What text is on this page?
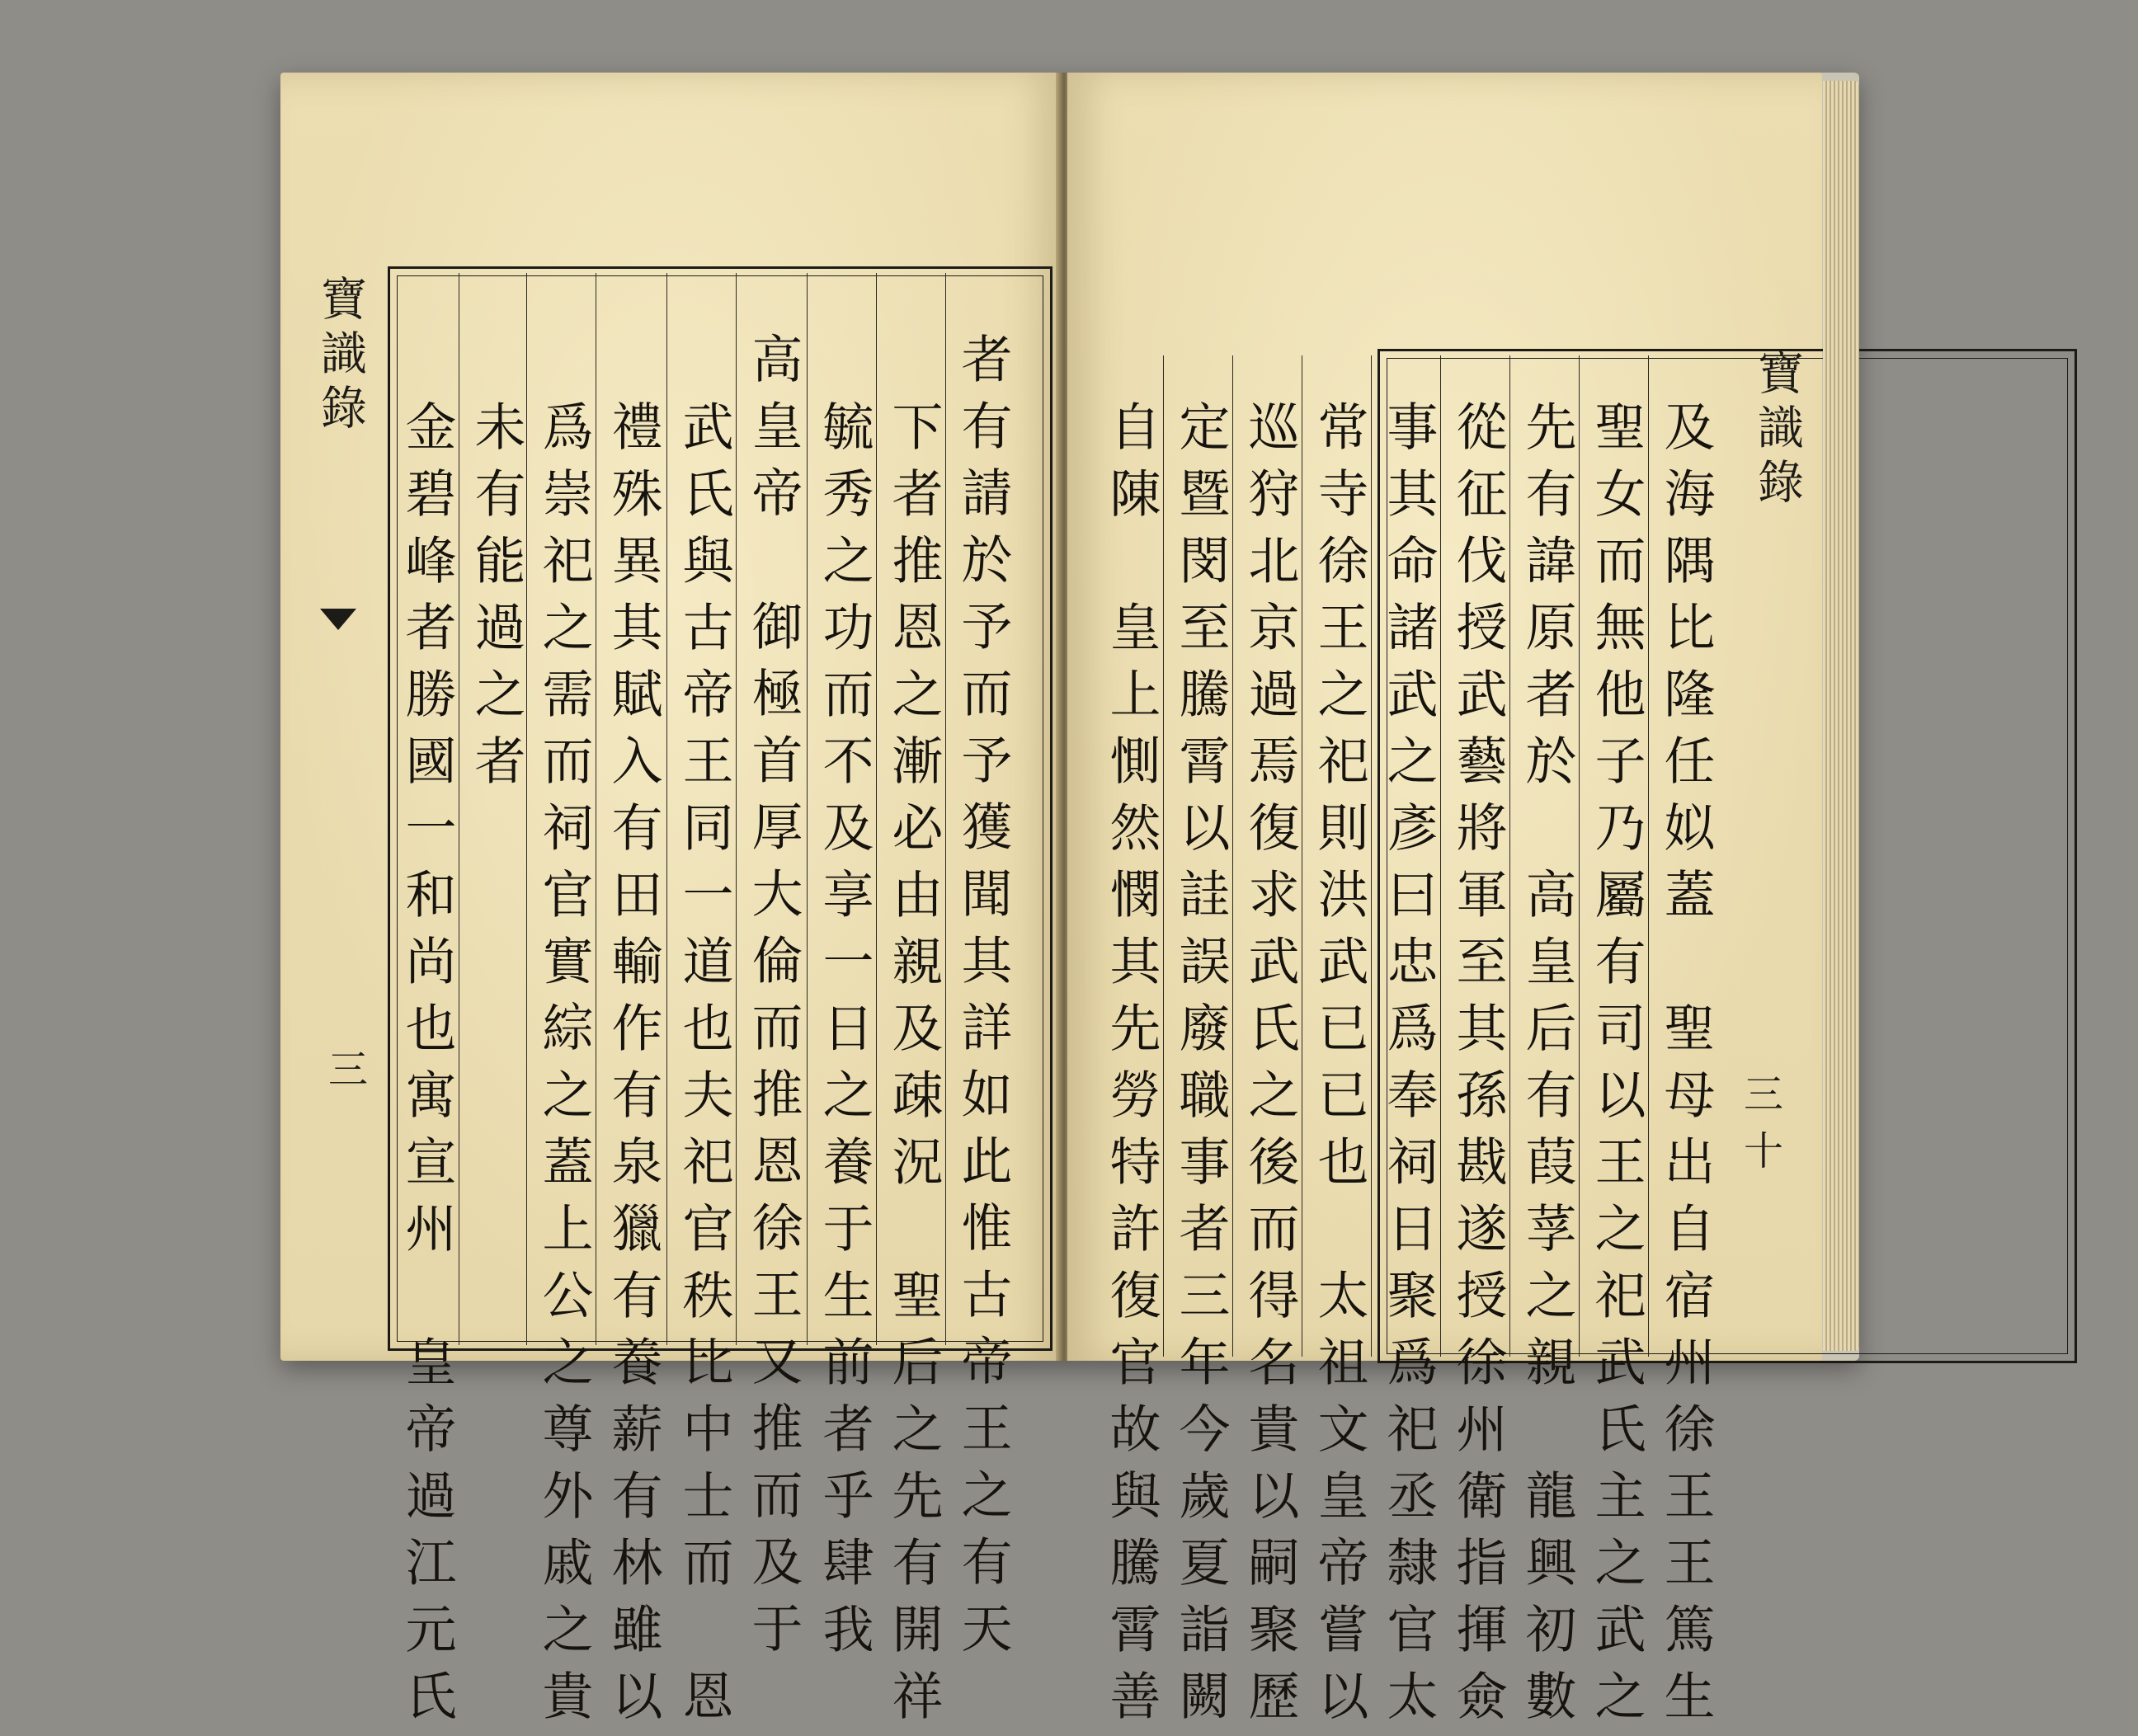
寶識錄
三	者有請於予而予獲聞其詳如此惟古帝王之有天
下者推恩之漸必由親及疎況　聖后之先有開祥
毓秀之功而不及享一日之養于生前者乎肆我
高皇帝　御極首厚大倫而推恩徐王又推而及于
武氏與古帝王同一道也夫祀官秩比中士而　恩
禮殊異其賦入有田輸作有泉獵有養薪有林雖以
爲崇祀之需而祠官實綜之蓋上公之尊外戚之貴
未有能過之者
金碧峰者勝國一和尚也寓宣州　皇帝過江元氏	寶識錄
三十
及海隅比隆任姒蓋　聖母出自宿州徐王王篤生
聖女而無他子乃屬有司以王之祀武氏主之武之
先有諱原者於　高皇后有葭莩之親　龍興初數
從征伐授武藝將軍至其孫戡遂授徐州衛指揮僉
事其命諸武之彥曰忠爲奉祠日聚爲祀丞隸官太
常寺徐王之祀則洪武已已也　太祖文皇帝嘗以
巡狩北京過焉復求武氏之後而得名貴以嗣聚歷
定暨閔至騰霄以詿誤廢職事者三年今歲夏詣闕
自陳　皇上惻然憫其先勞特許復官故與騰霄善
